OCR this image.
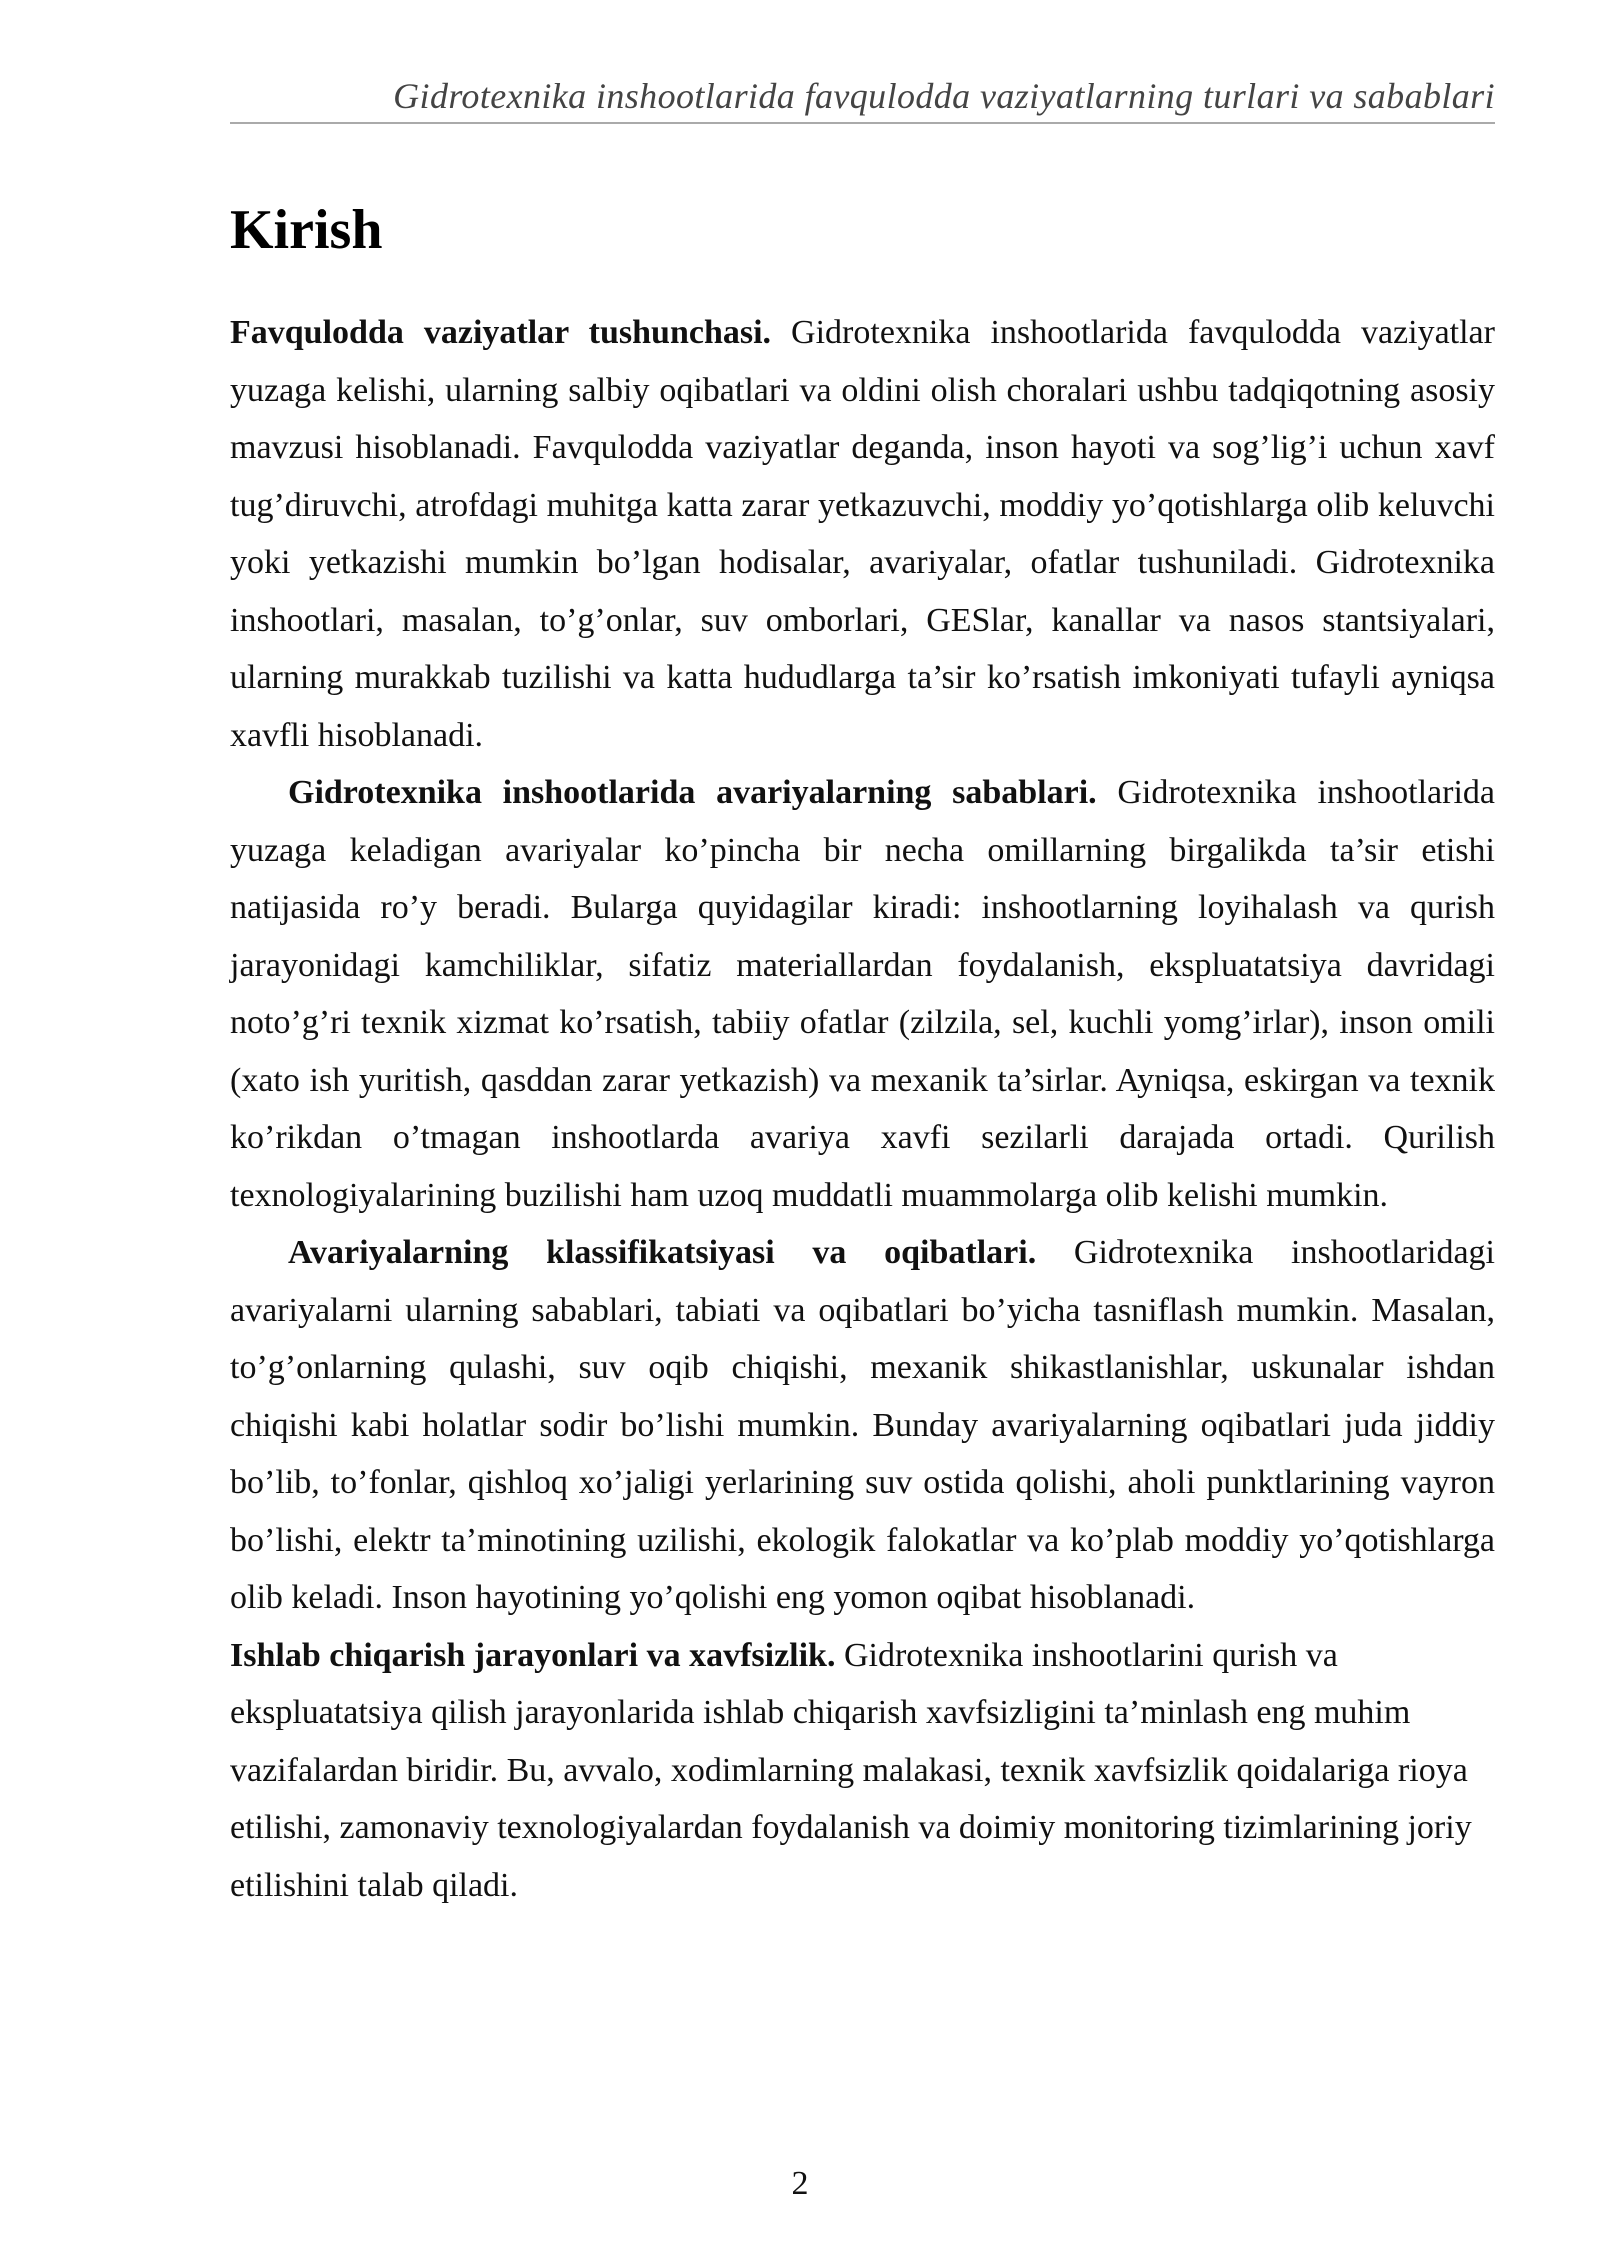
Gidrotexnika inshootlarida favqulodda vaziyatlarning turlari va sabablari
Kirish

Favqulodda vaziyatlar tushunchasi. Gidrotexnika inshootlarida favqulodda vaziyatlar yuzaga kelishi, ularning salbiy oqibatlari va oldini olish choralari ushbu tadqiqotning asosiy mavzusi hisoblanadi. Favqulodda vaziyatlar deganda, inson hayoti va sog’lig’i uchun xavf tug’diruvchi, atrofdagi muhitga katta zarar yetkazuvchi, moddiy yo’qotishlarga olib keluvchi yoki yetkazishi mumkin bo’lgan hodisalar, avariyalar, ofatlar tushuniladi. Gidrotexnika inshootlari, masalan, to’g’onlar, suv omborlari, GESlar, kanallar va nasos stantsiyalari, ularning murakkab tuzilishi va katta hududlarga ta’sir ko’rsatish imkoniyati tufayli ayniqsa xavfli hisoblanadi.

Gidrotexnika inshootlarida avariyalarning sabablari. Gidrotexnika inshootlarida yuzaga keladigan avariyalar ko’pincha bir necha omillarning birgalikda ta’sir etishi natijasida ro’y beradi. Bularga quyidagilar kiradi: inshootlarning loyihalash va qurish jarayonidagi kamchiliklar, sifatiz materiallardan foydalanish, ekspluatatsiya davridagi noto’g’ri texnik xizmat ko’rsatish, tabiiy ofatlar (zilzila, sel, kuchli yomg’irlar), inson omili (xato ish yuritish, qasddan zarar yetkazish) va mexanik ta’sirlar. Ayniqsa, eskirgan va texnik ko’rikdan o’tmagan inshootlarda avariya xavfi sezilarli darajada ortadi. Qurilish texnologiyalarining buzilishi ham uzoq muddatli muammolarga olib kelishi mumkin.

Avariyalarning klassifikatsiyasi va oqibatlari. Gidrotexnika inshootlaridagi avariyalarni ularning sabablari, tabiati va oqibatlari bo’yicha tasniflash mumkin. Masalan, to’g’onlarning qulashi, suv oqib chiqishi, mexanik shikastlanishlar, uskunalar ishdan chiqishi kabi holatlar sodir bo’lishi mumkin. Bunday avariyalarning oqibatlari juda jiddiy bo’lib, to’fonlar, qishloq xo’jaligi yerlarining suv ostida qolishi, aholi punktlarining vayron bo’lishi, elektr ta’minotining uzilishi, ekologik falokatlar va ko’plab moddiy yo’qotishlarga olib keladi. Inson hayotining yo’qolishi eng yomon oqibat hisoblanadi.

Ishlab chiqarish jarayonlari va xavfsizlik. Gidrotexnika inshootlarini qurish va ekspluatatsiya qilish jarayonlarida ishlab chiqarish xavfsizligini ta’minlash eng muhim vazifalardan biridir. Bu, avvalo, xodimlarning malakasi, texnik xavfsizlik qoidalariga rioya etilishi, zamonaviy texnologiyalardan foydalanish va doimiy monitoring tizimlarining joriy etilishini talab qiladi.

2
